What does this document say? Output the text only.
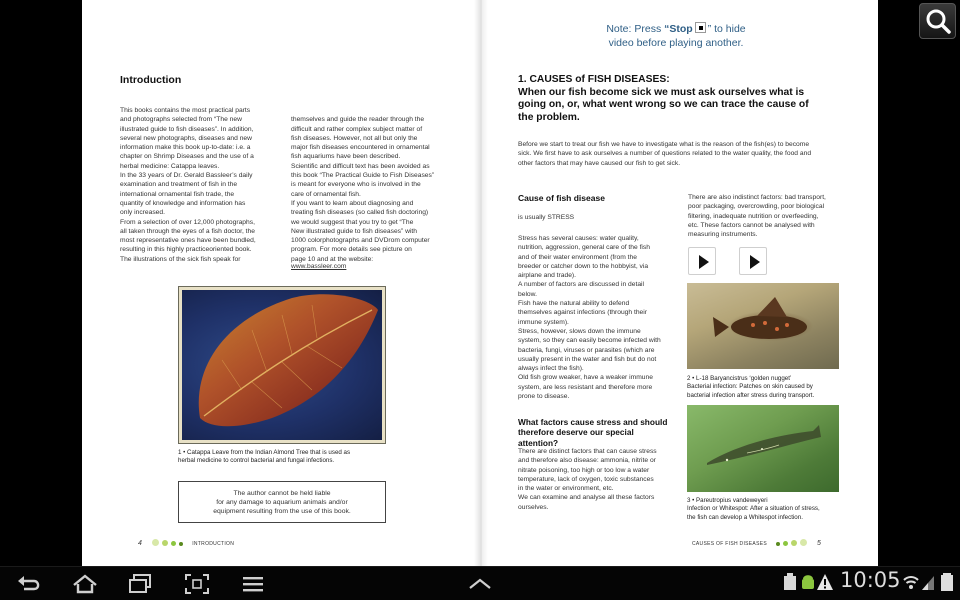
Introduction
This books contains the most practical parts
and photographs selected from “The new
illustrated guide to fish diseases”. In addition,
several new photographs, diseases and new
information make this book up-to-date: i.e. a
chapter on Shrimp Diseases and the use of a
herbal medicine: Catappa leaves.
In the 33 years of Dr. Gerald Bassleer’s daily
examination and treatment of fish in the
international ornamental fish trade, the
quantity of knowledge and information has
only increased.
From a selection of over 12,000 photographs,
all taken through the eyes of a fish doctor, the
most representative ones have been bundled,
resulting in this highly practiceoriented book.
The illustrations of the sick fish speak for

themselves and guide the reader through the
difficult and rather complex subject matter of
fish diseases. However, not all but only the
major fish diseases encountered in ornamental
fish aquariums have been described.
Scientific and difficult text has been avoided as
this book “The Practical Guide to Fish Diseases”
is meant for everyone who is involved in the
care of ornamental fish.
If you want to learn about diagnosing and
treating fish diseases (so called fish doctoring)
we would suggest that you try to get “The
New illustrated guide to fish diseases” with
1000 colorphotographs and DVDrom computer
program. For more details see picture on
page 10 and at the website:

www.bassleer.com
1 • Catappa Leave from the Indian Almond Tree that is used as
herbal medicine to control bacterial and fungal infections.
The author cannot be held liable
for any damage to aquarium animals and/or
equipment resulting from the use of this book.
4	INTRODUCTION
1. CAUSES of FISH DISEASES:
When our fish become sick we must ask ourselves what is
going on, or, what went wrong so we can trace the cause of
the problem.
Before we start to treat our fish we have to investigate what is the reason of the fish(es) to become
sick. We first have to ask ourselves a number of questions related to the water quality, the food and
other factors that may have caused our fish to get sick.
Cause of fish disease
is usually STRESS
Stress has several causes: water quality,
nutrition, aggression, general care of the fish
and of their water environment (from the
breeder or catcher down to the hobbyist, via
airplane and trade).
A number of factors are discussed in detail
below.
Fish have the natural ability to defend
themselves against infections (through their
immune system).
Stress, however, slows down the immune
system, so they can easily become infected with
bacteria, fungi, viruses or parasites (which are
usually present in the water and fish but do not
always infect the fish).
Old fish grow weaker, have a weaker immune
system, are less resistant and therefore more
prone to disease.
What factors cause stress and should
therefore deserve our special
attention?
There are distinct factors that can cause stress
and therefore also disease: ammonia, nitrite or
nitrate poisoning, too high or too low a water
temperature, lack of oxygen, toxic substances
in the water or environment, etc.
We can examine and analyse all these factors
ourselves.
There are also indistinct factors: bad transport,
poor packaging, overcrowding, poor biological
filtering, inadequate nutrition or overfeeding,
etc. These factors cannot be analysed with
measuring instruments.
2 • L-18 Baryancistrus ‘golden nugget’
Bacterial infection: Patches on skin caused by
bacterial infection after stress during transport.
3 • Pareutropius vandeweyeri
Infection or Whitespot: After a situation of stress,
the fish can develop a Whitespot infection.
CAUSES OF FISH DISEASES	5
Note: Press “Stop ” to hide
video before playing another.
10:05
